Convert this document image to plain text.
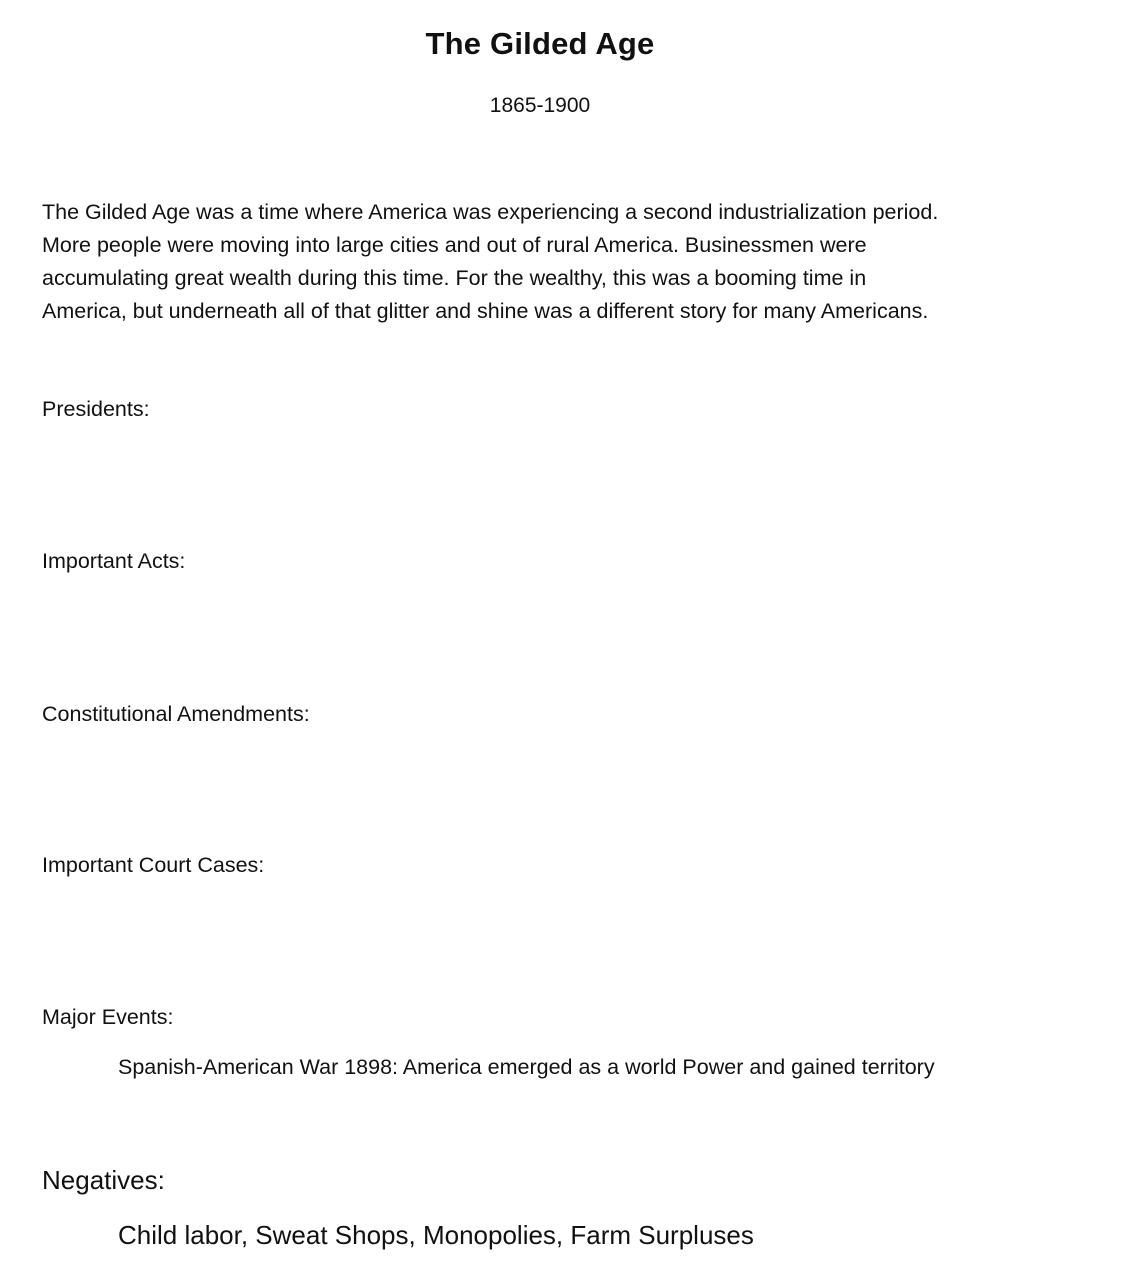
The Gilded Age
1865-1900
The Gilded Age was a time where America was experiencing a second industrialization period.
More people were moving into large cities and out of rural America. Businessmen were
accumulating great wealth during this time. For the wealthy, this was a booming time in
America, but underneath all of that glitter and shine was a different story for many Americans.
Presidents:
Important Acts:
Constitutional Amendments:
Important Court Cases:
Major Events:
Spanish-American War 1898: America emerged as a world Power and gained territory
Negatives:
Child labor, Sweat Shops, Monopolies, Farm Surpluses
